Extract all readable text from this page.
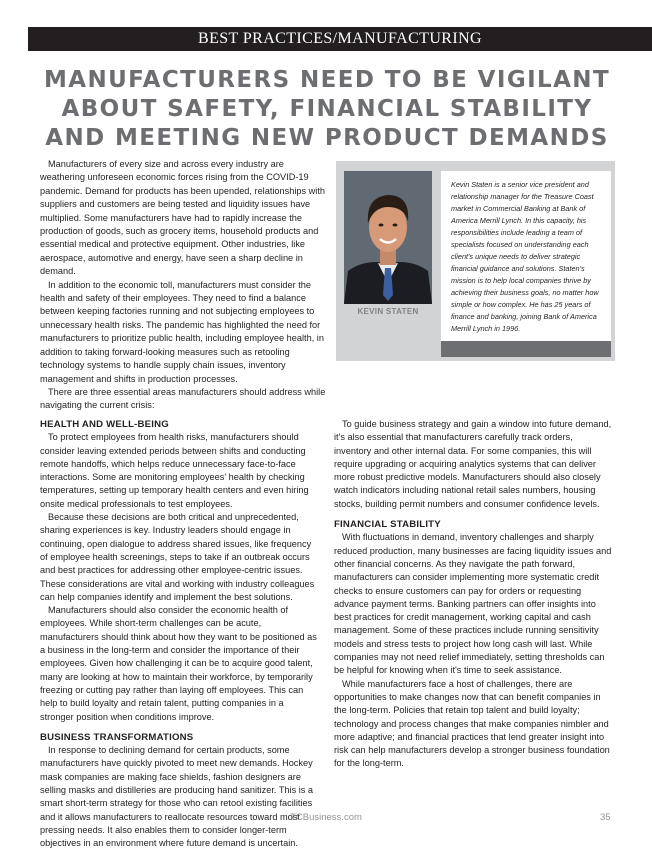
BEST PRACTICES/MANUFACTURING
MANUFACTURERS NEED TO BE VIGILANT ABOUT SAFETY, FINANCIAL STABILITY AND MEETING NEW PRODUCT DEMANDS

Manufacturers of every size and across every industry are weathering unforeseen economic forces rising from the COVID-19 pandemic. Demand for products has been upended, relationships with suppliers and customers are being tested and liquidity issues have multiplied. Some manufacturers have had to rapidly increase the production of goods, such as grocery items, household products and essential medical and protective equipment. Other industries, like aerospace, automotive and energy, have seen a sharp decline in demand.

In addition to the economic toll, manufacturers must consider the health and safety of their employees. They need to find a balance between keeping factories running and not subjecting employees to unnecessary health risks. The pandemic has highlighted the need for manufacturers to prioritize public health, including employee health, in addition to taking forward-looking measures such as retooling technology systems to handle supply chain issues, inventory management and shifts in production processes.

There are three essential areas manufacturers should address while navigating the current crisis:

KEVIN STATEN

Kevin Staten is a senior vice president and relationship manager for the Treasure Coast market in Commercial Banking at Bank of America Merrill Lynch. In this capacity, his responsibilities include leading a team of specialists focused on understanding each client's unique needs to deliver strategic financial guidance and solutions. Staten's mission is to help local companies thrive by achieving their business goals, no matter how simple or how complex. He has 25 years of finance and banking, joining Bank of America Merrill Lynch in 1996.

HEALTH AND WELL-BEING

To protect employees from health risks, manufacturers should consider leaving extended periods between shifts and conducting remote handoffs, which helps reduce unnecessary face-to-face interactions. Some are monitoring employees' health by checking temperatures, setting up temporary health centers and even hiring onsite medical professionals to test employees.

Because these decisions are both critical and unprecedented, sharing experiences is key. Industry leaders should engage in continuing, open dialogue to address shared issues, like frequency of employee health screenings, steps to take if an outbreak occurs and best practices for addressing other employee-centric issues. These considerations are vital and working with industry colleagues can help companies identify and implement the best solutions.

Manufacturers should also consider the economic health of employees. While short-term challenges can be acute, manufacturers should think about how they want to be positioned as a business in the long-term and consider the importance of their employees. Given how challenging it can be to acquire good talent, many are looking at how to maintain their workforce, by temporarily freezing or cutting pay rather than laying off employees. This can help to build loyalty and retain talent, putting companies in a stronger position when conditions improve.

BUSINESS TRANSFORMATIONS

In response to declining demand for certain products, some manufacturers have quickly pivoted to meet new demands. Hockey mask companies are making face shields, fashion designers are selling masks and distilleries are producing hand sanitizer. This is a smart short-term strategy for those who can retool existing facilities and it allows manufacturers to reallocate resources toward most pressing needs. It also enables them to consider longer-term objectives in an environment where future demand is uncertain.

To guide business strategy and gain a window into future demand, it's also essential that manufacturers carefully track orders, inventory and other internal data. For some companies, this will require upgrading or acquiring analytics systems that can deliver more robust predictive models. Manufacturers should also closely watch indicators including national retail sales numbers, housing stocks, building permit numbers and consumer confidence levels.

FINANCIAL STABILITY

With fluctuations in demand, inventory challenges and sharply reduced production, many businesses are facing liquidity issues and other financial concerns. As they navigate the path forward, manufacturers can consider implementing more systematic credit checks to ensure customers can pay for orders or requesting advance payment terms. Banking partners can offer insights into best practices for credit management, working capital and cash management. Some of these practices include running sensitivity models and stress tests to project how long cash will last. While companies may not need relief immediately, setting thresholds can be helpful for knowing when it's time to seek assistance.

While manufacturers face a host of challenges, there are opportunities to make changes now that can benefit companies in the long-term. Policies that retain top talent and build loyalty; technology and process changes that make companies nimbler and more adaptive; and financial practices that lend greater insight into risk can help manufacturers develop a stronger business foundation for the long-term.

TCBusiness.com	35
